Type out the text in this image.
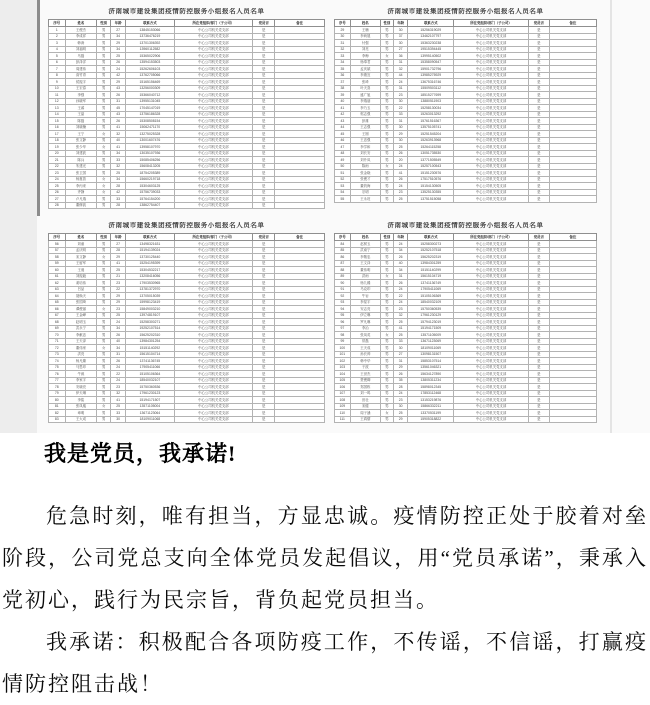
济南城市建设集团疫情防控服务小组报名人员名单
序号	姓名	性别	年龄	联系方式	所在党组织/部门（子公司）	党员否	备注
1	王俊杰	男	27	13845153066	中心公司机关党支部	是	
2	李成祥	男	34	13736476219	中心公司机关党支部	是	
3	韩涛	男	29	13701306392	中心公司机关党支部	是	
4	刘福明	男	34	13960112582	中心公司机关党支部	是	
5	马磊	男	25	15365022906	中心公司机关党支部	是	
6	彭泽洋	男	26	13594153503	中心公司机关党支部	是	
7	周建伟	男	24	15262606103	中心公司机关党支部	是	
8	高竹青	男	42	13762705066	中心公司机关党支部	是	
9	侯振宇	男	29	15165156469	中心公司机关党支部	是	
10	王宏春	男	43	13256000309	中心公司机关党支部	是	
11	李强	男	26	15366040712	中心公司机关党支部	是	
12	孙晓军	男	31	13955131045	中心公司机关党支部	是	
13	王睿	男	45	17045147019	中心公司机关党支部	是	
14	王晶	男	43	13756186328	中心公司机关党支部	是	
15	陈磊	男	26	15308508154	中心公司机关党支部	是	
16	刘晓楠	男	41	15062471170	中心公司机关党支部	是	
17	王宁	女	32	13275025328	中心公司机关党支部	是	
18	张文静	男	40	13001607476	中心公司机关党支部	是	
19	张少华	女	41	13958107970	中心公司机关党支部	是	
20	刘建波	男	34	13035107936	中心公司机关党支部	是	
21	陈兵	男	33	15085406256	中心公司机关党支部	是	
22	朱建光	男	32	15608413205	中心公司机关党支部	是	
23	张卫国	男	25	18754205389	中心公司机关党支部	是	
24	杨惠普	女	34	15660219718	中心公司机关党支部	是	
25	李丙来	女	28	15304603125	中心公司机关党支部	是	
26	齐静	女	42	15756739033	中心公司机关党支部	是	
27	卢凡瑞	男	33	15764154200	中心公司机关党支部	是	
28	董修凯	男	28	13862754407	中心公司机关党支部	是	
济南城市建设集团疫情防控服务小组报名人员名单
序号	姓名	性别	年龄	联系方式	所在党组织/部门（子公司）	党员否	备注
29	王楠	男	30	15256319029	中心公司机关党支部	是	
30	李尚展	男	37	13462107797	中心公司机关党支部	是	
31	付强	男	30	15363230238	中心公司机关党支部	是	
32	刘亮	男	27	19515394445	中心公司机关党支部	是	
33	李梅	女	36	13995140502	中心公司机关党支部	是	
34	杨奉君	男	31	15358090547	中心公司机关党支部	是	
35	孟庆斌	男	32	15901732796	中心公司机关党支部	是	
36	李康宜	男	44	13985275929	中心公司机关党支部	是	
37	张琦	男	24	13675316746	中心公司机关党支部	是	
38	叶天喜	男	31	15509503112	中心公司机关党支部	是	
39	盛广旭	男	23	18515277699	中心公司机关党支部	是	
40	李瑞朋	男	30	13880511903	中心公司机关党支部	是	
41	李乃玉	男	22	15258130034	中心公司机关党支部	是	
42	郭志强	男	33	15263013292	中心公司机关党支部	是	
43	彭雄	男	31	15761516367	中心公司机关党支部	是	
44	王志强	男	30	13575105741	中心公司机关党支部	是	
45	王刚	男	29	15251545204	中心公司机关党支部	是	
46	王忠强	男	30	15263913968	中心公司机关党支部	是	
47	李学和	男	25	15264115258	中心公司机关党支部	是	
48	刘长安	男	26	13051735530	中心公司机关党支部	是	
49	刘升凤	男	20	13771505549	中心公司机关党支部	是	
50	陈雨	女	24	15257100543	中心公司机关党支部	是	
51	张金晓	男	41	15151230576	中心公司机关党支部	是	
52	张俊才	男	26	17517510576	中心公司机关党支部	是	
53	董钧海	男	24	15154130505	中心公司机关党支部	是	
54	宗明	男	23	13525130355	中心公司机关党支部	是	
55	王永旺	男	25	13751515058	中心公司机关党支部	是	
济南城市建设集团疫情防控服务小组报名人员名单
序号	姓名	性别	年龄	联系方式	所在党组织/部门（子公司）	党员否	备注
56	刘童	男	27	13498321631	中心公司机关党支部	是	
57	孟庆明	男	28	15194139024	中心公司机关党支部	是	
58	宋文静	女	29	13730125440	中心公司机关党支部	是	
59	王留军	男	41	15254195399	中心公司机关党支部	是	
60	王迪	男	25	15304532217	中心公司机关党支部	是	
61	刘振毅	男	21	13208416056	中心公司机关党支部	是	
62	姜培伟	男	23	17903530965	中心公司机关党支部	是	
63	吕品	男	22	13781372970	中心公司机关党支部	是	
64	聂焕天	男	29	13705015039	中心公司机关党支部	是	
65	张国琦	男	29	15998123419	中心公司机关党支部	是	
66	谭俊丽	女	23	15849003210	中心公司机关党支部	是	
67	王金峰	男	25	13974819107	中心公司机关党支部	是	
68	赵明玉	男	24	15258300271	中心公司机关党支部	是	
69	武永宁	男	34	19252107514	中心公司机关党支部	是	
70	李献忠	男	26	15625202310	中心公司机关党支部	是	
71	王天泽	男	40	13984301254	中心公司机关党支部	是	
72	董伟家	女	34	15151140292	中心公司机关党支部	是	
73	洪亮	男	31	15615104714	中心公司机关党支部	是	
74	杨凡臻	男	26	13741136745	中心公司机关党支部	是	
75	马思印	男	24	17905411066	中心公司机关党支部	是	
76	牛威	男	22	15105106364	中心公司机关党支部	是	
77	李家宇	男	24	18540032107	中心公司机关党支部	是	
78	安晓亮	男	23	15750360536	中心公司机关党支部	是	
79	伊天琳	男	32	17961230123	中心公司机关党支部	是	
80	李铭	男	41	15194171507	中心公司机关党支部	是	
81	张凤凰	女	25	13571105004	中心公司机关党支部	是	
82	章明	男	33	13671123064	中心公司机关党支部	是	
83	王大成	男	30	18109011068	中心公司机关党支部	是	
济南城市建设集团疫情防控服务小组报名人员名单
序号	姓名	性别	年龄	联系方式	所在党组织/部门（子公司）	党员否	备注
84	赵树玉	男	24	15258300273	中心公司机关党支部	是	
85	武南宁	男	34	15252107518	中心公司机关党支部	是	
86	李敬忠	男	26	15625202319	中心公司机关党支部	是	
87	王文泽	男	40	13984301259	中心公司机关党支部	是	
88	董伟明	男	34	15151140299	中心公司机关党支部	是	
89	洪雨	女	31	15615104719	中心公司机关党支部	是	
90	杨九臻	男	26	13741136749	中心公司机关党支部	是	
91	马克印	男	24	17905411069	中心公司机关党支部	是	
92	牛岩	男	22	15105106369	中心公司机关党支部	是	
93	李星宇	男	24	18540032109	中心公司机关党支部	是	
94	安志亮	男	23	15750360539	中心公司机关党支部	是	
95	伊立琳	男	32	17961230129	中心公司机关党支部	是	
96	罗凡琳	男	25	15794123019	中心公司机关党支部	是	
97	李冶	男	41	15194171509	中心公司机关党支部	是	
98	张凤英	女	25	13571105009	中心公司机关党支部	是	
99	常磊	男	33	13671123069	中心公司机关党支部	是	
100	王天成	男	30	18109011069	中心公司机关党支部	是	
101	孙长帅	男	27	13098131507	中心公司机关党支部	是	
102	韩中华	男	31	15853107514	中心公司机关党支部	是	
103	于波	男	29	13561046321	中心公司机关党支部	是	
104	王世杰	男	26	15634127890	中心公司机关党支部	是	
105	贾俊卿	男	35	13805311234	中心公司机关党支部	是	
106	郑国栋	男	28	15898012345	中心公司机关党支部	是	
107	刘一鸣	男	24	17853112468	中心公司机关党支部	是	
108	田壮	男	23	13153219876	中心公司机关党支部	是	
109	宋健	男	30	15866332211	中心公司机关党支部	是	
110	周子涵	女	25	13370531199	中心公司机关党支部	是	
111	王鸿儒	男	29	15905318822	中心公司机关党支部	是	
我是党员，我承诺!

危急时刻，唯有担当，方显忠诚。疫情防控正处于胶着对垒阶段，公司党总支向全体党员发起倡议，用“党员承诺”，秉承入党初心，践行为民宗旨，背负起党员担当。

我承诺：积极配合各项防疫工作，不传谣，不信谣，打赢疫情防控阻击战！
